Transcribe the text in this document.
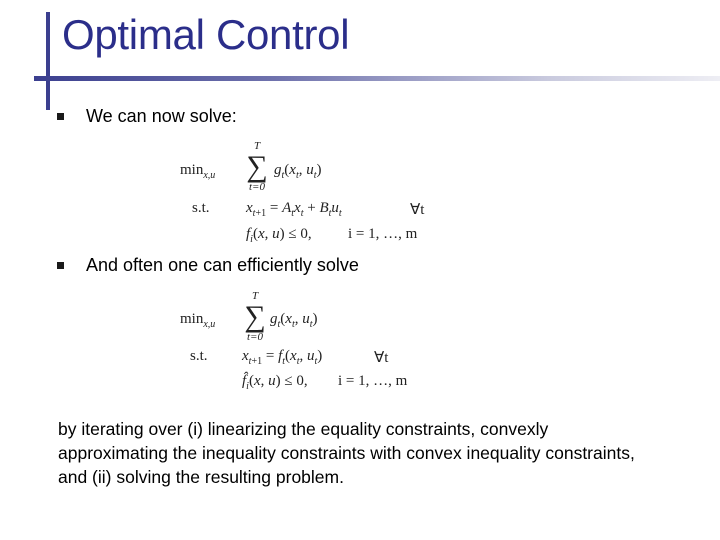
Optimal Control
We can now solve:
$\min_{x,u}$
T
∑
t=0
$g_t(x_t$, $u_t$)
s.t. $x_{t+1} = A_tx_t + B_tu_t$	∀t
$f_i(x$, u) ≤ 0, i = 1, …, m
And often one can efficiently solve
$\min_{x,u}$
T
∑
t=0
$g_t(x_t$, $u_t$)
s.t. $x_{t+1} = f_t(x_t$, $u_t$)	∀t
$f̂_i(x$, u) ≤ 0, i = 1, …, m
by iterating over (i) linearizing the equality constraints, convexly approximating the inequality constraints with convex inequality constraints, and (ii) solving the resulting problem.
